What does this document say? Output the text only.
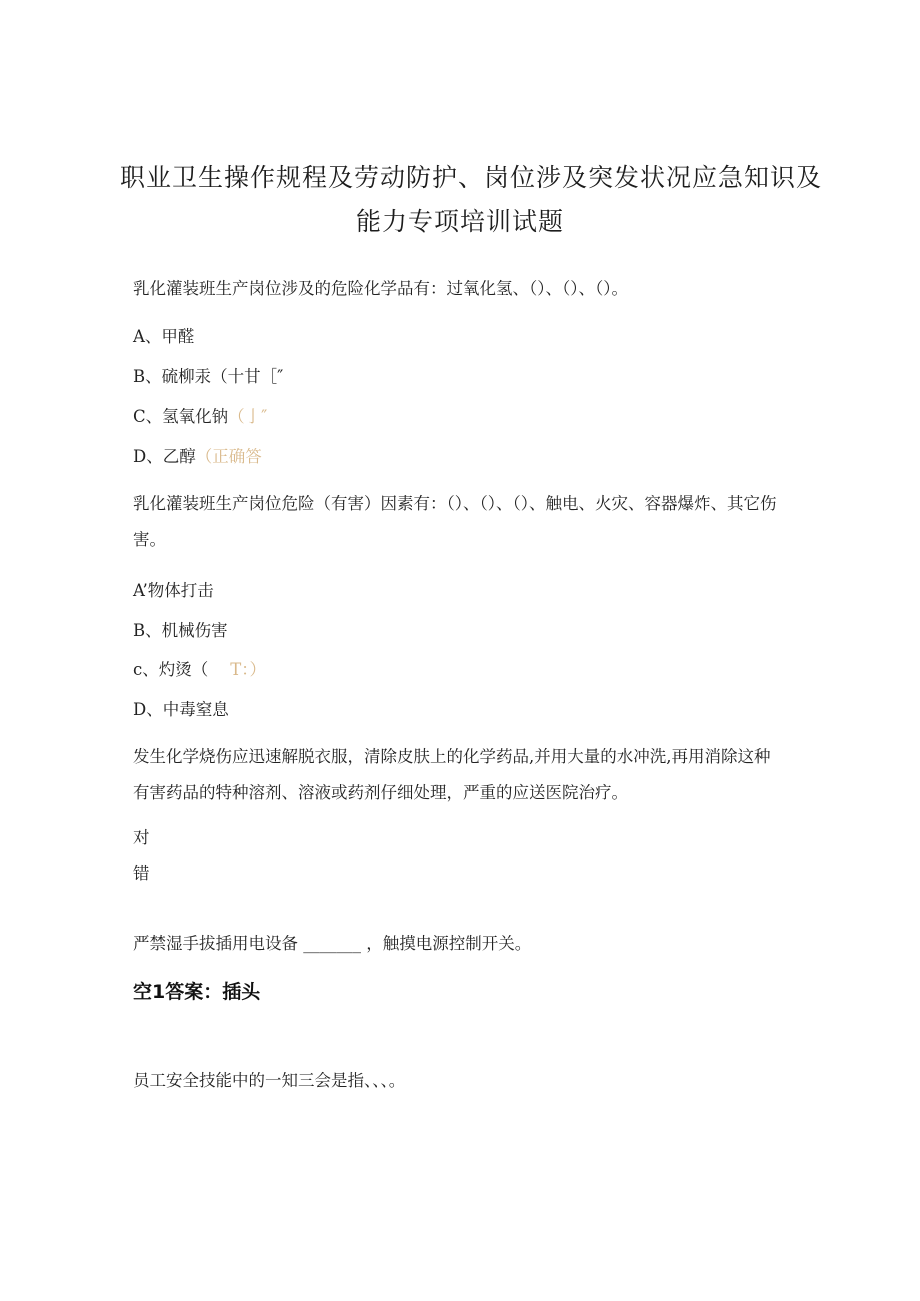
职业卫生操作规程及劳动防护、岗位涉及突发状况应急知识及
能力专项培训试题
乳化灌装班生产岗位涉及的危险化学品有：过氧化氢、（）、（）、（）。
A、甲醛
B、硫柳汞（十甘［″
C、氢氧化钠（亅″
D、乙醇（正确答
乳化灌装班生产岗位危险（有害）因素有：（）、（）、（）、触电、火灾、容器爆炸、其它伤害。
A’物体打击
B、机械伤害
c、灼烫（ T：）
D、中毒窒息
发生化学烧伤应迅速解脱衣服，清除皮肤上的化学药品,并用大量的水冲洗,再用消除这种有害药品的特种溶剂、溶液或药剂仔细处理，严重的应送医院治疗。
对
错
严禁湿手拔插用电设备 _______ ，触摸电源控制开关。
空1答案：插头
员工安全技能中的一知三会是指、、、。
